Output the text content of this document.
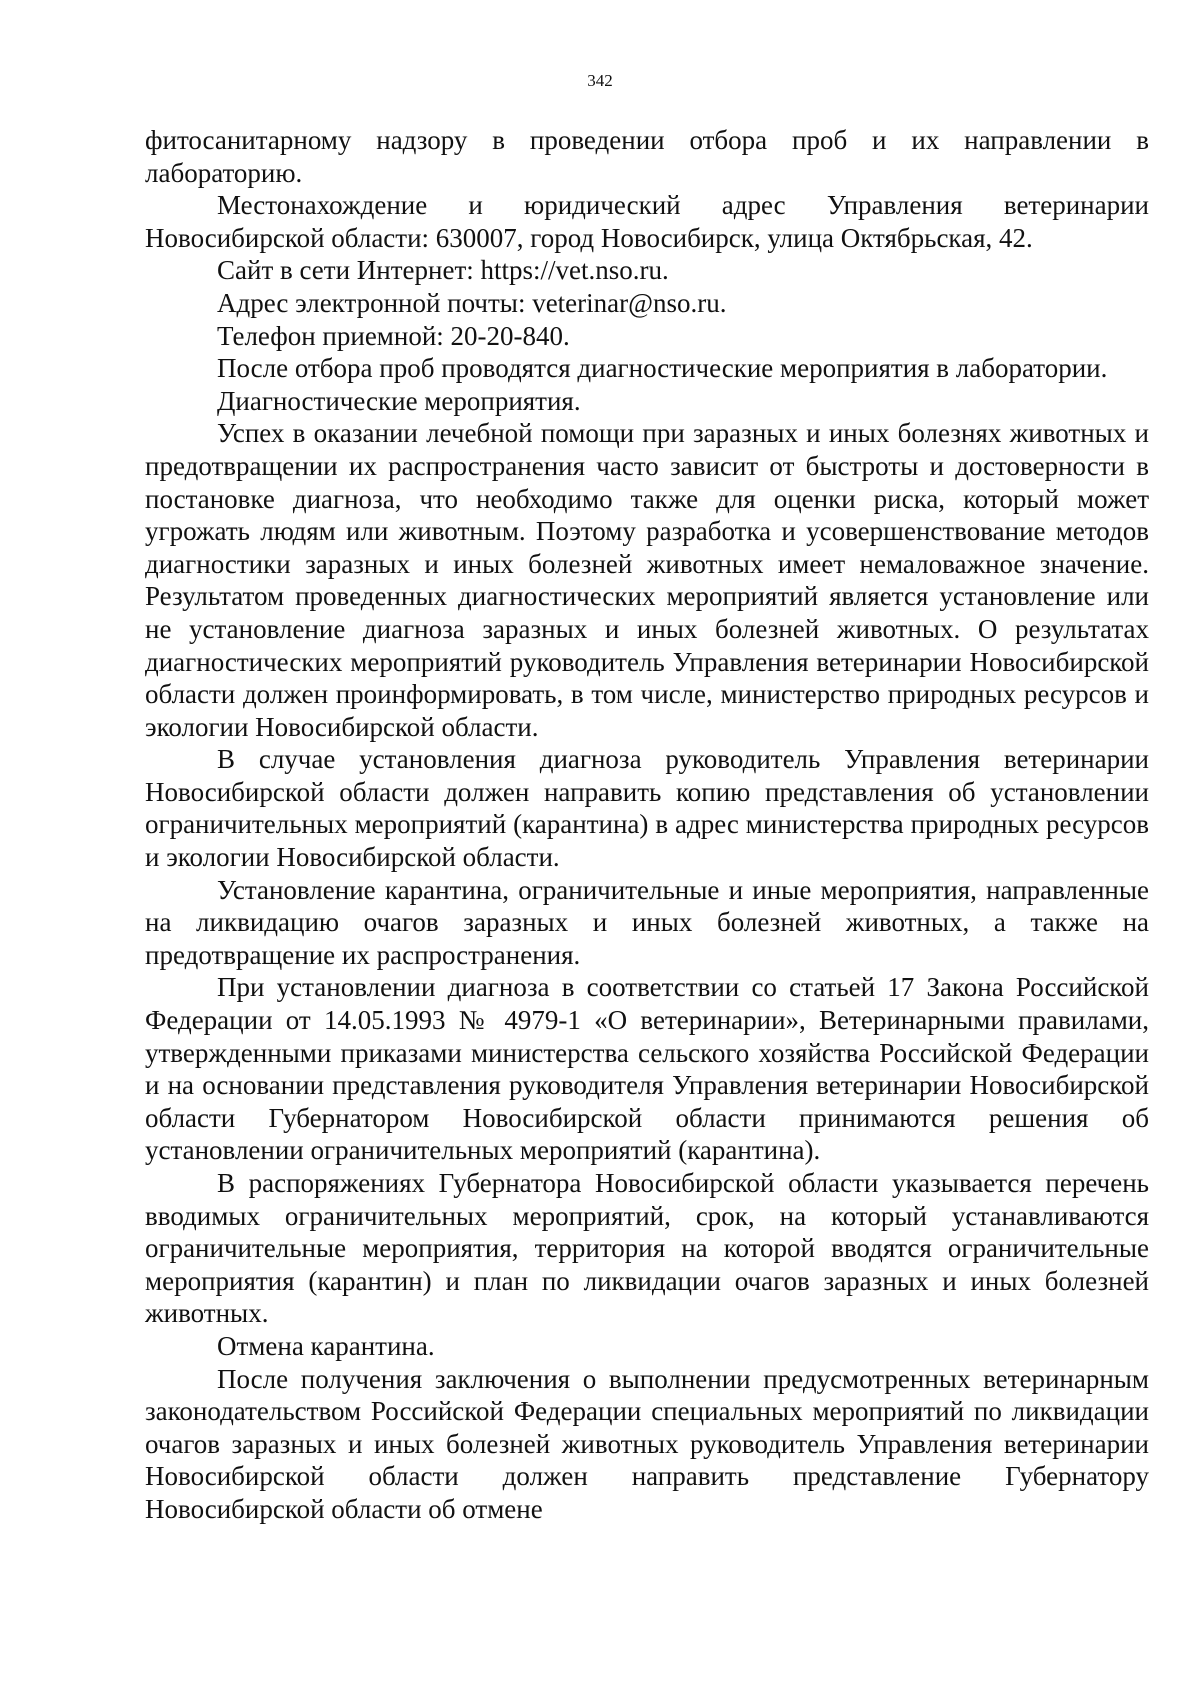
342

фитосанитарному надзору в проведении отбора проб и их направлении в лабораторию.

Местонахождение и юридический адрес Управления ветеринарии Новосибирской области: 630007, город Новосибирск, улица Октябрьская, 42.

Сайт в сети Интернет: https://vet.nso.ru.

Адрес электронной почты: veterinar@nso.ru.

Телефон приемной: 20-20-840.

После отбора проб проводятся диагностические мероприятия в лаборатории.

Диагностические мероприятия.

Успех в оказании лечебной помощи при заразных и иных болезнях животных и предотвращении их распространения часто зависит от быстроты и достоверности в постановке диагноза, что необходимо также для оценки риска, который может угрожать людям или животным. Поэтому разработка и усовершенствование методов диагностики заразных и иных болезней животных имеет немаловажное значение. Результатом проведенных диагностических мероприятий является установление или не установление диагноза заразных и иных болезней животных. О результатах диагностических мероприятий руководитель Управления ветеринарии Новосибирской области должен проинформировать, в том числе, министерство природных ресурсов и экологии Новосибирской области.

В случае установления диагноза руководитель Управления ветеринарии Новосибирской области должен направить копию представления об установлении ограничительных мероприятий (карантина) в адрес министерства природных ресурсов и экологии Новосибирской области.

Установление карантина, ограничительные и иные мероприятия, направленные на ликвидацию очагов заразных и иных болезней животных, а также на предотвращение их распространения.

При установлении диагноза в соответствии со статьей 17 Закона Российской Федерации от 14.05.1993 № 4979-1 «О ветеринарии», Ветеринарными правилами, утвержденными приказами министерства сельского хозяйства Российской Федерации и на основании представления руководителя Управления ветеринарии Новосибирской области Губернатором Новосибирской области принимаются решения об установлении ограничительных мероприятий (карантина).

В распоряжениях Губернатора Новосибирской области указывается перечень вводимых ограничительных мероприятий, срок, на который устанавливаются ограничительные мероприятия, территория на которой вводятся ограничительные мероприятия (карантин) и план по ликвидации очагов заразных и иных болезней животных.

Отмена карантина.

После получения заключения о выполнении предусмотренных ветеринарным законодательством Российской Федерации специальных мероприятий по ликвидации очагов заразных и иных болезней животных руководитель Управления ветеринарии Новосибирской области должен направить представление Губернатору Новосибирской области об отмене
